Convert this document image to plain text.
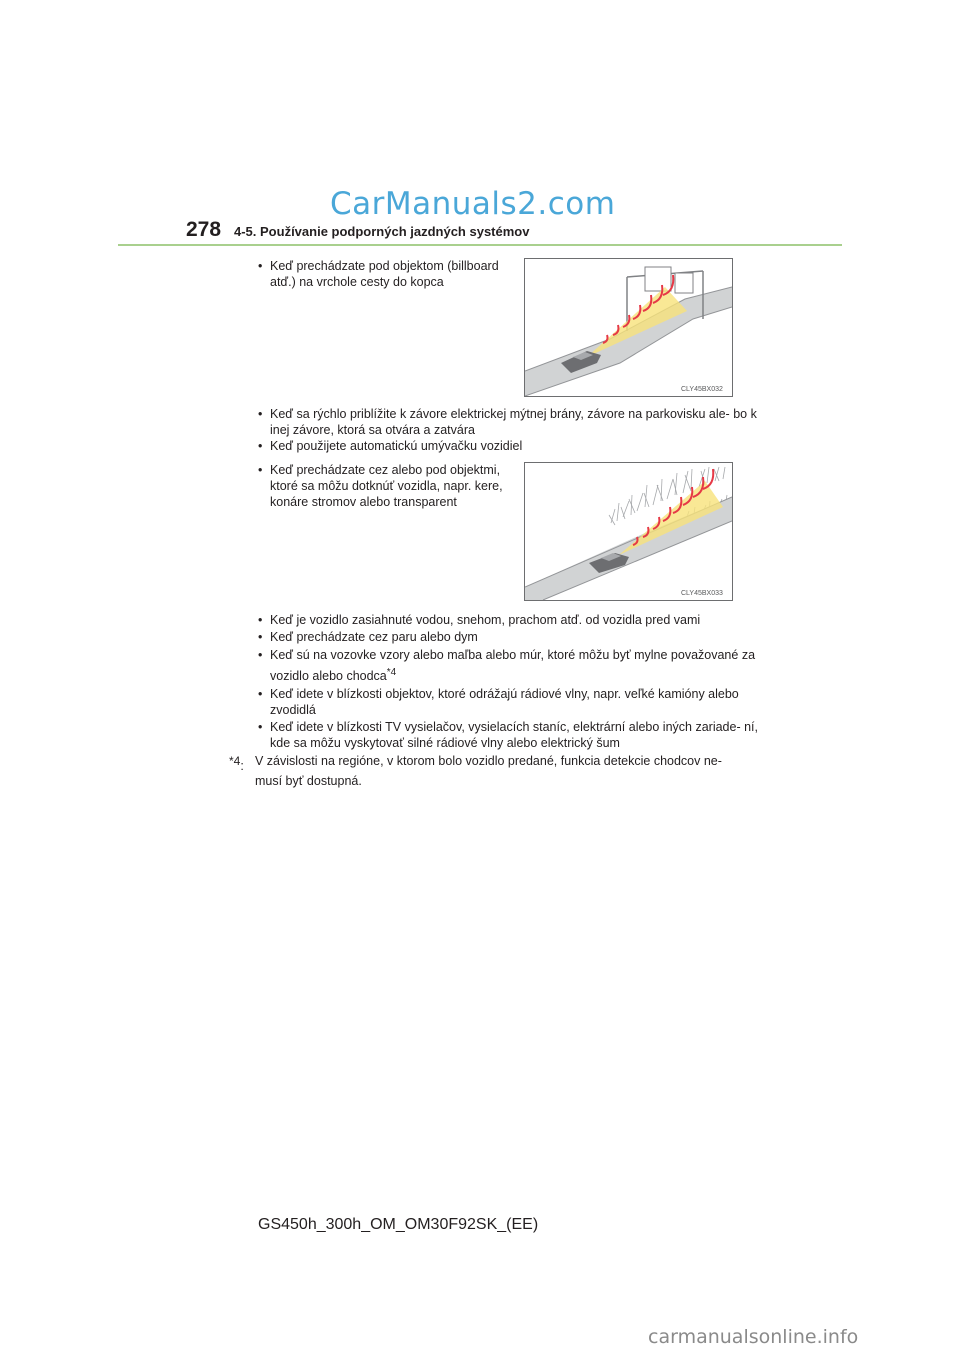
CarManuals2.com
278 4-5. Používanie podporných jazdných systémov
• Keď prechádzate pod objektom (billboard atď.) na vrchole cesty do kopca
CLY45BX032
• Keď sa rýchlo priblížite k závore elektrickej mýtnej brány, závore na parkovisku ale- bo k inej závore, ktorá sa otvára a zatvára
• Keď použijete automatickú umývačku vozidiel
• Keď prechádzate cez alebo pod objektmi, ktoré sa môžu dotknúť vozidla, napr. kere, konáre stromov alebo transparent
CLY45BX033
• Keď je vozidlo zasiahnuté vodou, snehom, prachom atď. od vozidla pred vami
• Keď prechádzate cez paru alebo dym
• Keď sú na vozovke vzory alebo maľba alebo múr, ktoré môžu byť mylne považované za vozidlo alebo chodca$^{*4}$
• Keď idete v blízkosti objektov, ktoré odrážajú rádiové vlny, napr. veľké kamióny alebo zvodidlá
• Keď idete v blízkosti TV vysielačov, vysielacích staníc, elektrární alebo iných zariade- ní, kde sa môžu vyskytovať silné rádiové vlny alebo elektrický šum
$^{*4}$: V závislosti na regióne, v ktorom bolo vozidlo predané, funkcia detekcie chodcov ne- musí byť dostupná.
GS450h_300h_OM_OM30F92SK_(EE)
carmanualsonline.info
